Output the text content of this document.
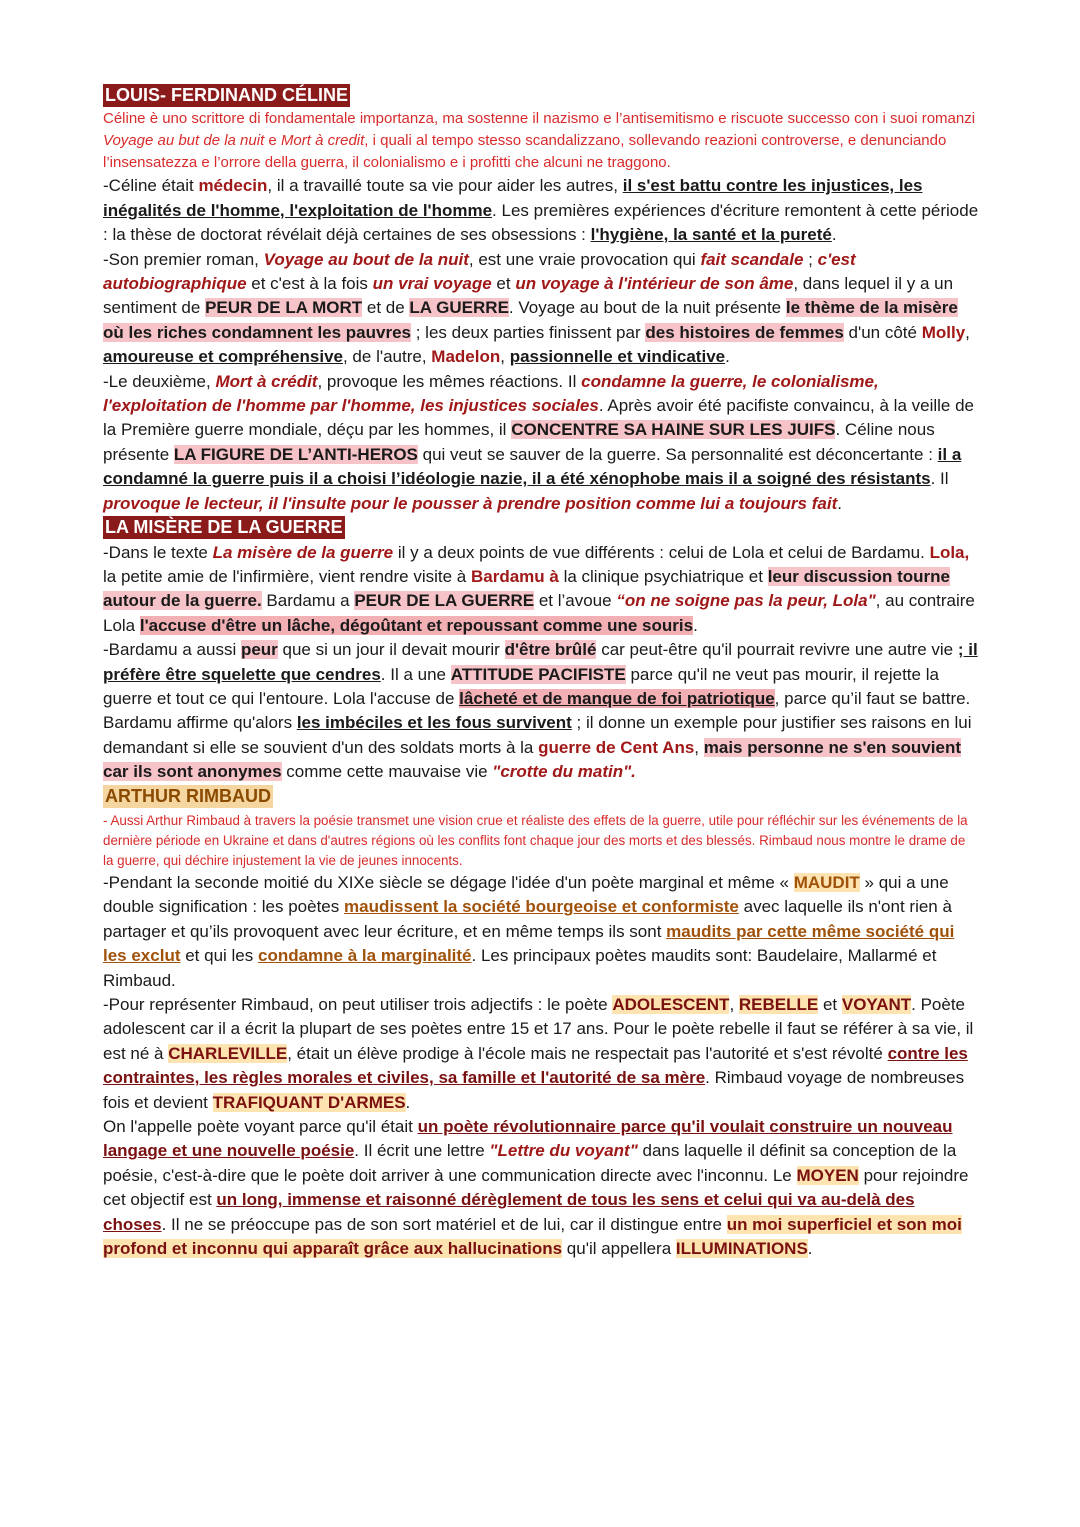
LOUIS- FERDINAND CÉLINE

Céline è uno scrittore di fondamentale importanza, ma sostenne il nazismo e l’antisemitismo e riscuote successo con i suoi romanzi Voyage au but de la nuit e Mort à credit, i quali al tempo stesso scandalizzano, sollevando reazioni controverse, e denunciando l’insensatezza e l’orrore della guerra, il colonialismo e i profitti che alcuni ne traggono.

-Céline était médecin, il a travaillé toute sa vie pour aider les autres, il s'est battu contre les injustices, les inégalités de l'homme, l'exploitation de l'homme. Les premières expériences d'écriture remontent à cette période : la thèse de doctorat révélait déjà certaines de ses obsessions : l'hygiène, la santé et la pureté.

-Son premier roman, Voyage au bout de la nuit, est une vraie provocation qui fait scandale ; c'est autobiographique et c'est à la fois un vrai voyage et un voyage à l'intérieur de son âme, dans lequel il y a un sentiment de PEUR DE LA MORT et de LA GUERRE. Voyage au bout de la nuit présente le thème de la misère où les riches condamnent les pauvres ; les deux parties finissent par des histoires de femmes d'un côté Molly, amoureuse et compréhensive, de l'autre, Madelon, passionnelle et vindicative.

-Le deuxième, Mort à crédit, provoque les mêmes réactions. Il condamne la guerre, le colonialisme, l'exploitation de l'homme par l'homme, les injustices sociales. Après avoir été pacifiste convaincu, à la veille de la Première guerre mondiale, déçu par les hommes, il CONCENTRE SA HAINE SUR LES JUIFS. Céline nous présente LA FIGURE DE L’ANTI-HEROS qui veut se sauver de la guerre. Sa personnalité est déconcertante : il a condamné la guerre puis il a choisi l’idéologie nazie, il a été xénophobe mais il a soigné des résistants. Il provoque le lecteur, il l'insulte pour le pousser à prendre position comme lui a toujours fait.

LA MISÈRE DE LA GUERRE

-Dans le texte La misère de la guerre il y a deux points de vue différents : celui de Lola et celui de Bardamu. Lola, la petite amie de l'infirmière, vient rendre visite à Bardamu à la clinique psychiatrique et leur discussion tourne autour de la guerre. Bardamu a PEUR DE LA GUERRE et l’avoue “on ne soigne pas la peur, Lola", au contraire Lola l'accuse d'être un lâche, dégoûtant et repoussant comme une souris.

-Bardamu a aussi peur que si un jour il devait mourir d'être brûlé car peut-être qu'il pourrait revivre une autre vie ; il préfère être squelette que cendres. Il a une ATTITUDE PACIFISTE parce qu'il ne veut pas mourir, il rejette la guerre et tout ce qui l'entoure. Lola l'accuse de lâcheté et de manque de foi patriotique, parce qu’il faut se battre. Bardamu affirme qu'alors les imbéciles et les fous survivent ; il donne un exemple pour justifier ses raisons en lui demandant si elle se souvient d'un des soldats morts à la guerre de Cent Ans, mais personne ne s'en souvient car ils sont anonymes comme cette mauvaise vie "crotte du matin".

ARTHUR RIMBAUD

- Aussi Arthur Rimbaud à travers la poésie transmet une vision crue et réaliste des effets de la guerre, utile pour réfléchir sur les événements de la dernière période en Ukraine et dans d'autres régions où les conflits font chaque jour des morts et des blessés. Rimbaud nous montre le drame de la guerre, qui déchire injustement la vie de jeunes innocents.

-Pendant la seconde moitié du XIXe siècle se dégage l'idée d'un poète marginal et même « MAUDIT » qui a une double signification : les poètes maudissent la société bourgeoise et conformiste avec laquelle ils n'ont rien à partager et qu’ils provoquent avec leur écriture, et en même temps ils sont maudits par cette même société qui les exclut et qui les condamne à la marginalité. Les principaux poètes maudits sont: Baudelaire, Mallarmé et Rimbaud.

-Pour représenter Rimbaud, on peut utiliser trois adjectifs : le poète ADOLESCENT, REBELLE et VOYANT. Poète adolescent car il a écrit la plupart de ses poètes entre 15 et 17 ans. Pour le poète rebelle il faut se référer à sa vie, il est né à CHARLEVILLE, était un élève prodige à l'école mais ne respectait pas l'autorité et s'est révolté contre les contraintes, les règles morales et civiles, sa famille et l'autorité de sa mère. Rimbaud voyage de nombreuses fois et devient TRAFIQUANT D'ARMES.

On l'appelle poète voyant parce qu'il était un poète révolutionnaire parce qu'il voulait construire un nouveau langage et une nouvelle poésie. Il écrit une lettre "Lettre du voyant" dans laquelle il définit sa conception de la poésie, c'est-à-dire que le poète doit arriver à une communication directe avec l'inconnu. Le MOYEN pour rejoindre cet objectif est un long, immense et raisonné dérèglement de tous les sens et celui qui va au-delà des choses. Il ne se préoccupe pas de son sort matériel et de lui, car il distingue entre un moi superficiel et son moi profond et inconnu qui apparaît grâce aux hallucinations qu'il appellera ILLUMINATIONS.
